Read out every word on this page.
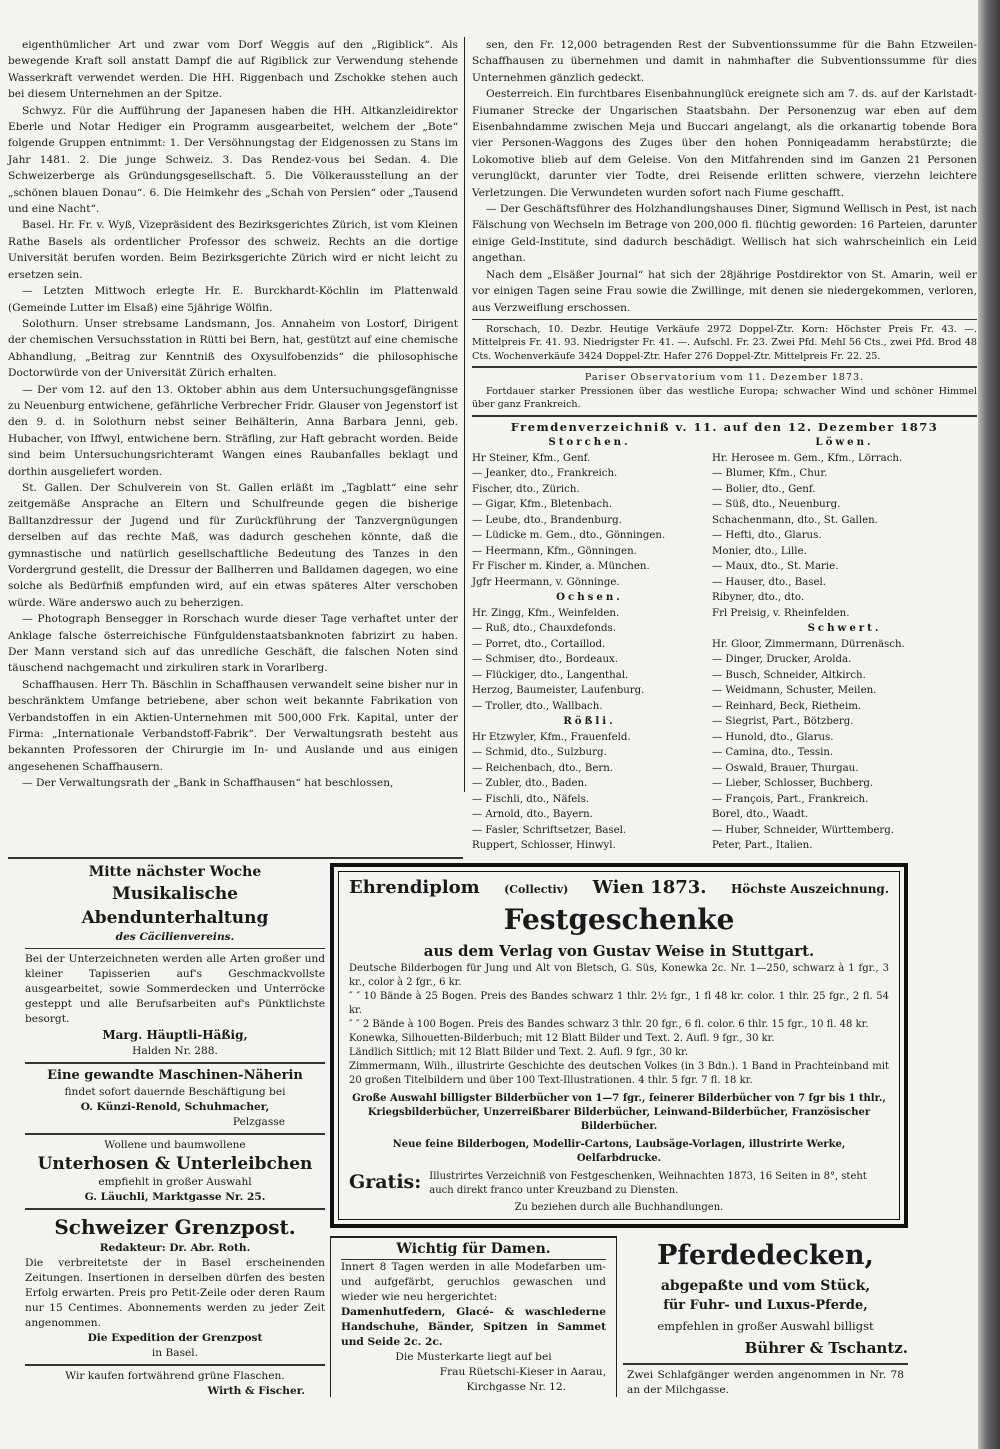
eigenthümlicher Art und zwar vom Dorf Weggis auf den „Rigiblick“. Als bewegende Kraft soll anstatt Dampf die auf Rigiblick zur Verwendung stehende Wasserkraft verwendet werden. Die HH. Riggenbach und Zschokke stehen auch bei diesem Unternehmen an der Spitze.

Schwyz. Für die Aufführung der Japanesen haben die HH. Altkanzleidirektor Eberle und Notar Hediger ein Programm ausgearbeitet, welchem der „Bote“ folgende Gruppen entnimmt: 1. Der Versöhnungstag der Eidgenossen zu Stans im Jahr 1481. 2. Die junge Schweiz. 3. Das Rendez-vous bei Sedan. 4. Die Schweizerberge als Gründungsgesellschaft. 5. Die Völkerausstellung an der „schönen blauen Donau“. 6. Die Heimkehr des „Schah von Persien“ oder „Tausend und eine Nacht“.

Basel. Hr. Fr. v. Wyß, Vizepräsident des Bezirksgerichtes Zürich, ist vom Kleinen Rathe Basels als ordentlicher Professor des schweiz. Rechts an die dortige Universität berufen worden. Beim Bezirksgerichte Zürich wird er nicht leicht zu ersetzen sein.

— Letzten Mittwoch erlegte Hr. E. Burckhardt-Köchlin im Plattenwald (Gemeinde Lutter im Elsaß) eine 5jährige Wölfin.

Solothurn. Unser strebsame Landsmann, Jos. Annaheim von Lostorf, Dirigent der chemischen Versuchsstation in Rütti bei Bern, hat, gestützt auf eine chemische Abhandlung, „Beitrag zur Kenntniß des Oxysulfobenzids“ die philosophische Doctorwürde von der Universität Zürich erhalten.

— Der vom 12. auf den 13. Oktober abhin aus dem Untersuchungsgefängnisse zu Neuenburg entwichene, gefährliche Verbrecher Fridr. Glauser von Jegenstorf ist den 9. d. in Solothurn nebst seiner Beihälterin, Anna Barbara Jenni, geb. Hubacher, von Iffwyl, entwichene bern. Sträfling, zur Haft gebracht worden. Beide sind beim Untersuchungsrichteramt Wangen eines Raubanfalles beklagt und dorthin ausgeliefert worden.

St. Gallen. Der Schulverein von St. Gallen erläßt im „Tagblatt“ eine sehr zeitgemäße Ansprache an Eltern und Schulfreunde gegen die bisherige Balltanzdressur der Jugend und für Zurückführung der Tanzvergnügungen derselben auf das rechte Maß, was dadurch geschehen könnte, daß die gymnastische und natürlich gesellschaftliche Bedeutung des Tanzes in den Vordergrund gestellt, die Dressur der Ballherren und Balldamen dagegen, wo eine solche als Bedürfniß empfunden wird, auf ein etwas späteres Alter verschoben würde. Wäre anderswo auch zu beherzigen.

— Photograph Bensegger in Rorschach wurde dieser Tage verhaftet unter der Anklage falsche österreichische Fünfguldenstaatsbanknoten fabrizirt zu haben. Der Mann verstand sich auf das unredliche Geschäft, die falschen Noten sind täuschend nachgemacht und zirkuliren stark in Vorarlberg.

Schaffhausen. Herr Th. Bäschlin in Schaffhausen verwandelt seine bisher nur in beschränktem Umfange betriebene, aber schon weit bekannte Fabrikation von Verbandstoffen in ein Aktien-Unternehmen mit 500,000 Frk. Kapital, unter der Firma: „Internationale Verbandstoff-Fabrik“. Der Verwaltungsrath besteht aus bekannten Professoren der Chirurgie im In- und Auslande und aus einigen angesehenen Schaffhausern.

— Der Verwaltungsrath der „Bank in Schaffhausen“ hat beschlossen,

sen, den Fr. 12,000 betragenden Rest der Subventionssumme für die Bahn Etzweilen-Schaffhausen zu übernehmen und damit in nahmhafter die Subventionssumme für dies Unternehmen gänzlich gedeckt.

Oesterreich. Ein furchtbares Eisenbahnunglück ereignete sich am 7. ds. auf der Karlstadt-Fiumaner Strecke der Ungarischen Staatsbahn. Der Personenzug war eben auf dem Eisenbahndamme zwischen Meja und Buccari angelangt, als die orkanartig tobende Bora vier Personen-Waggons des Zuges über den hohen Ponniqeadamm herabstürzte; die Lokomotive blieb auf dem Geleise. Von den Mitfahrenden sind im Ganzen 21 Personen verunglückt, darunter vier Todte, drei Reisende erlitten schwere, vierzehn leichtere Verletzungen. Die Verwundeten wurden sofort nach Fiume geschafft.

— Der Geschäftsführer des Holzhandlungshauses Diner, Sigmund Wellisch in Pest, ist nach Fälschung von Wechseln im Betrage von 200,000 fl. flüchtig geworden: 16 Parteien, darunter einige Geld-Institute, sind dadurch beschädigt. Wellisch hat sich wahrscheinlich ein Leid angethan.

Nach dem „Elsäßer Journal“ hat sich der 28jährige Postdirektor von St. Amarin, weil er vor einigen Tagen seine Frau sowie die Zwillinge, mit denen sie niedergekommen, verloren, aus Verzweiflung erschossen.

Rorschach, 10. Dezbr. Heutige Verkäufe 2972 Doppel-Ztr. Korn: Höchster Preis Fr. 43. —. Mittelpreis Fr. 41. 93. Niedrigster Fr. 41. —. Aufschl. Fr. 23. Zwei Pfd. Mehl 56 Cts., zwei Pfd. Brod 48 Cts. Wochenverkäufe 3424 Doppel-Ztr. Hafer 276 Doppel-Ztr. Mittelpreis Fr. 22. 25.

Pariser Observatorium vom 11. Dezember 1873.

Fortdauer starker Pressionen über das westliche Europa; schwacher Wind und schöner Himmel über ganz Frankreich.

Fremdenverzeichniß v. 11. auf den 12. Dezember 1873
Storchen.
Hr Steiner, Kfm., Genf.
— Jeanker, dto., Frankreich.
Fischer, dto., Zürich.
— Gigar, Kfm., Bletenbach.
— Leube, dto., Brandenburg.
— Lüdicke m. Gem., dto., Gönningen.
— Heermann, Kfm., Gönningen.
Fr Fischer m. Kinder, a. München.
Jgfr Heermann, v. Gönninge.
Ochsen.
Hr. Zingg, Kfm., Weinfelden.
— Ruß, dto., Chauxdefonds.
— Porret, dto., Cortaillod.
— Schmiser, dto., Bordeaux.
— Flückiger, dto., Langenthal.
Herzog, Baumeister, Laufenburg.
— Troller, dto., Wallbach.
Rößli.
Hr Etzwyler, Kfm., Frauenfeld.
— Schmid, dto., Sulzburg.
— Reichenbach, dto., Bern.
— Zubler, dto., Baden.
— Fischli, dto., Näfels.
— Arnold, dto., Bayern.
— Fasler, Schriftsetzer, Basel.
Ruppert, Schlosser, Hinwyl.
Löwen.
Hr. Herosee m. Gem., Kfm., Lörrach.
— Blumer, Kfm., Chur.
— Bolier, dto., Genf.
— Süß, dto., Neuenburg.
Schachenmann, dto., St. Gallen.
— Hefti, dto., Glarus.
Monier, dto., Lille.
— Maux, dto., St. Marie.
— Hauser, dto., Basel.
Ribyner, dto., dto.
Frl Preisig, v. Rheinfelden.
Schwert.
Hr. Gloor, Zimmermann, Dürrenäsch.
— Dinger, Drucker, Arolda.
— Busch, Schneider, Altkirch.
— Weidmann, Schuster, Meilen.
— Reinhard, Beck, Rietheim.
— Siegrist, Part., Bötzberg.
— Hunold, dto., Glarus.
— Camina, dto., Tessin.
— Oswald, Brauer, Thurgau.
— Lieber, Schlosser, Buchberg.
— François, Part., Frankreich.
Borel, dto., Waadt.
— Huber, Schneider, Württemberg.
Peter, Part., Italien.
Mitte nächster Woche
Musikalische Abendunterhaltung
des Cäcilienvereins.
Bei der Unterzeichneten werden alle Arten großer und kleiner Tapisserien auf's Geschmackvollste ausgearbeitet, sowie Sommerdecken und Unterröcke gesteppt und alle Berufsarbeiten auf's Pünktlichste besorgt.
Marg. Häuptli-Häßig,
Halden Nr. 288.
Eine gewandte Maschinen-Näherin
findet sofort dauernde Beschäftigung bei
O. Künzi-Renold, Schuhmacher,
Pelzgasse
Wollene und baumwollene
Unterhosen & Unterleibchen
empfiehlt in großer Auswahl
G. Läuchli, Marktgasse Nr. 25.
Schweizer Grenzpost.
Redakteur: Dr. Abr. Roth.
Die verbreitetste der in Basel erscheinenden Zeitungen. Insertionen in derselben dürfen des besten Erfolg erwarten. Preis pro Petit-Zeile oder deren Raum nur 15 Centimes. Abonnements werden zu jeder Zeit angenommen.
Die Expedition der Grenzpost
in Basel.
Wir kaufen fortwährend grüne Flaschen.
Wirth & Fischer.
Ehrendiplom (Collectiv) Wien 1873. Höchste Auszeichnung.
Festgeschenke
aus dem Verlag von Gustav Weise in Stuttgart.
Deutsche Bilderbogen für Jung und Alt von Bletsch, G. Süs, Konewka 2c. Nr. 1—250, schwarz à 1 fgr., 3 kr., color à 2 fgr., 6 kr.
″ ″ 10 Bände à 25 Bogen. Preis des Bandes schwarz 1 thlr. 2½ fgr., 1 fl 48 kr. color. 1 thlr. 25 fgr., 2 fl. 54 kr.
″ ″ 2 Bände à 100 Bogen. Preis des Bandes schwarz 3 thlr. 20 fgr., 6 fl. color. 6 thlr. 15 fgr., 10 fl. 48 kr.
Konewka, Silhouetten-Bilderbuch; mit 12 Blatt Bilder und Text. 2. Aufl. 9 fgr., 30 kr.
Ländlich Sittlich; mit 12 Blatt Bilder und Text. 2. Aufl. 9 fgr., 30 kr.
Zimmermann, Wilh., illustrirte Geschichte des deutschen Volkes (in 3 Bdn.). 1 Band in Prachteinband mit 20 großen Titelbildern und über 100 Text-Illustrationen. 4 thlr. 5 fgr. 7 fl. 18 kr.
Große Auswahl billigster Bilderbücher von 1—7 fgr., feinerer Bilderbücher von 7 fgr bis 1 thlr., Kriegsbilderbücher, Unzerreißbarer Bilderbücher, Leinwand-Bilderbücher, Französischer Bilderbücher.
Neue feine Bilderbogen, Modellir-Cartons, Laubsäge-Vorlagen, illustrirte Werke, Oelfarbdrucke.
Gratis: Illustrirtes Verzeichniß von Festgeschenken, Weihnachten 1873, 16 Seiten in 8°, steht auch direkt franco unter Kreuzband zu Diensten.
Zu beziehen durch alle Buchhandlungen.
Wichtig für Damen.
Innert 8 Tagen werden in alle Modefarben um- und aufgefärbt, geruchlos gewaschen und wieder wie neu hergerichtet:
Damenhutfedern, Glacé- & waschlederne Handschuhe, Bänder, Spitzen in Sammet und Seide 2c. 2c.
Die Musterkarte liegt auf bei
Frau Rüetschi-Kieser in Aarau,
Kirchgasse Nr. 12.
Pferdedecken,
abgepaßte und vom Stück,
für Fuhr- und Luxus-Pferde,
empfehlen in großer Auswahl billigst
Bührer & Tschantz.
Zwei Schlafgänger werden angenommen in Nr. 78 an der Milchgasse.
